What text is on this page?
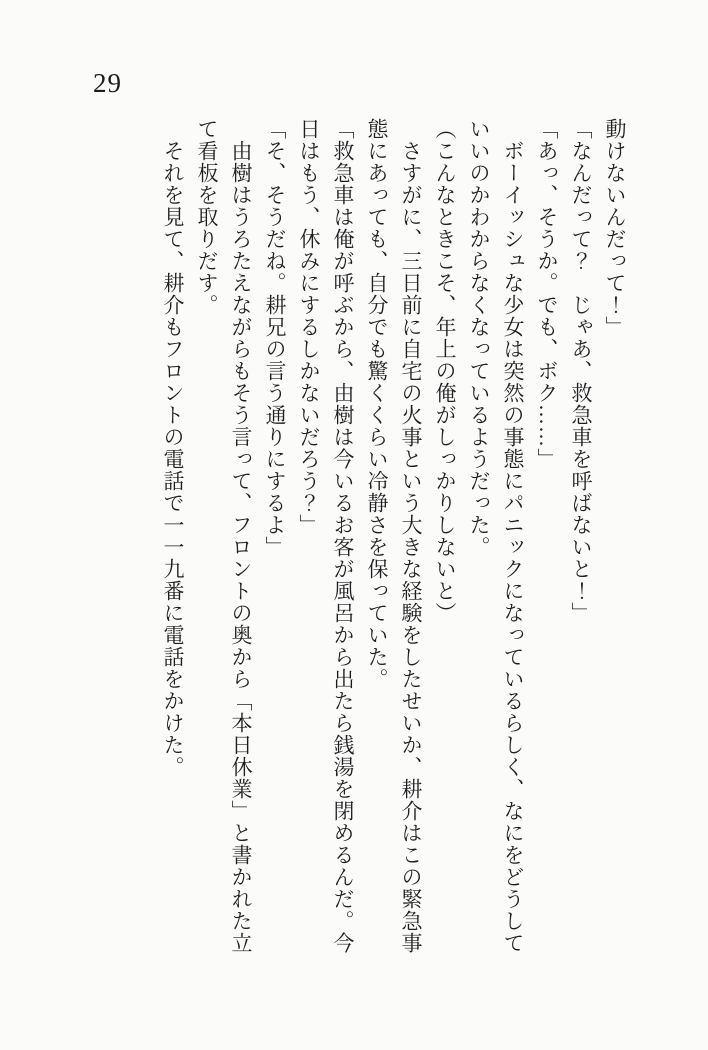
29
動けないんだって！」
「なんだって？　じゃあ、救急車を呼ばないと！」
「あっ、そうか。でも、ボク……」
　ボーイッシュな少女は突然の事態にパニックになっているらしく、なにをどうして
いいのかわからなくなっているようだった。
（こんなときこそ、年上の俺がしっかりしないと）
　さすがに、三日前に自宅の火事という大きな経験をしたせいか、耕介はこの緊急事
態にあっても、自分でも驚くくらい冷静さを保っていた。
「救急車は俺が呼ぶから、由樹は今いるお客が風呂から出たら銭湯を閉めるんだ。今
日はもう、休みにするしかないだろう？」
「そ、そうだね。耕兄の言う通りにするよ」
　由樹はうろたえながらもそう言って、フロントの奥から「本日休業」と書かれた立
て看板を取りだす。
　それを見て、耕介もフロントの電話で一一九番に電話をかけた。
